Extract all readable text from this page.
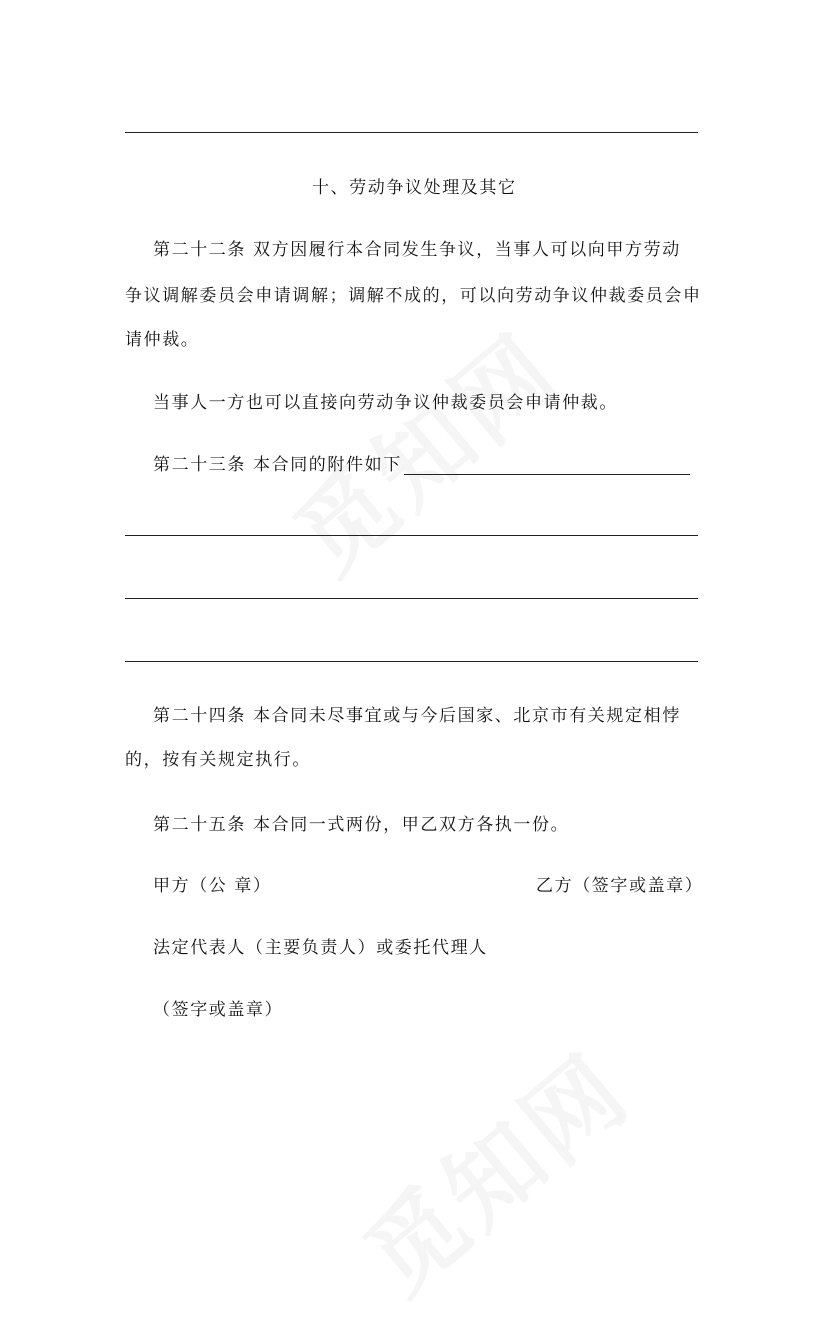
十、劳动争议处理及其它
第二十二条 双方因履行本合同发生争议，当事人可以向甲方劳动
争议调解委员会申请调解；调解不成的，可以向劳动争议仲裁委员会申
请仲裁。
当事人一方也可以直接向劳动争议仲裁委员会申请仲裁。
第二十三条 本合同的附件如下
第二十四条 本合同未尽事宜或与今后国家、北京市有关规定相悖
的，按有关规定执行。
第二十五条 本合同一式两份，甲乙双方各执一份。
甲方（公 章）	乙方（签字或盖章）
法定代表人（主要负责人）或委托代理人
（签字或盖章）
